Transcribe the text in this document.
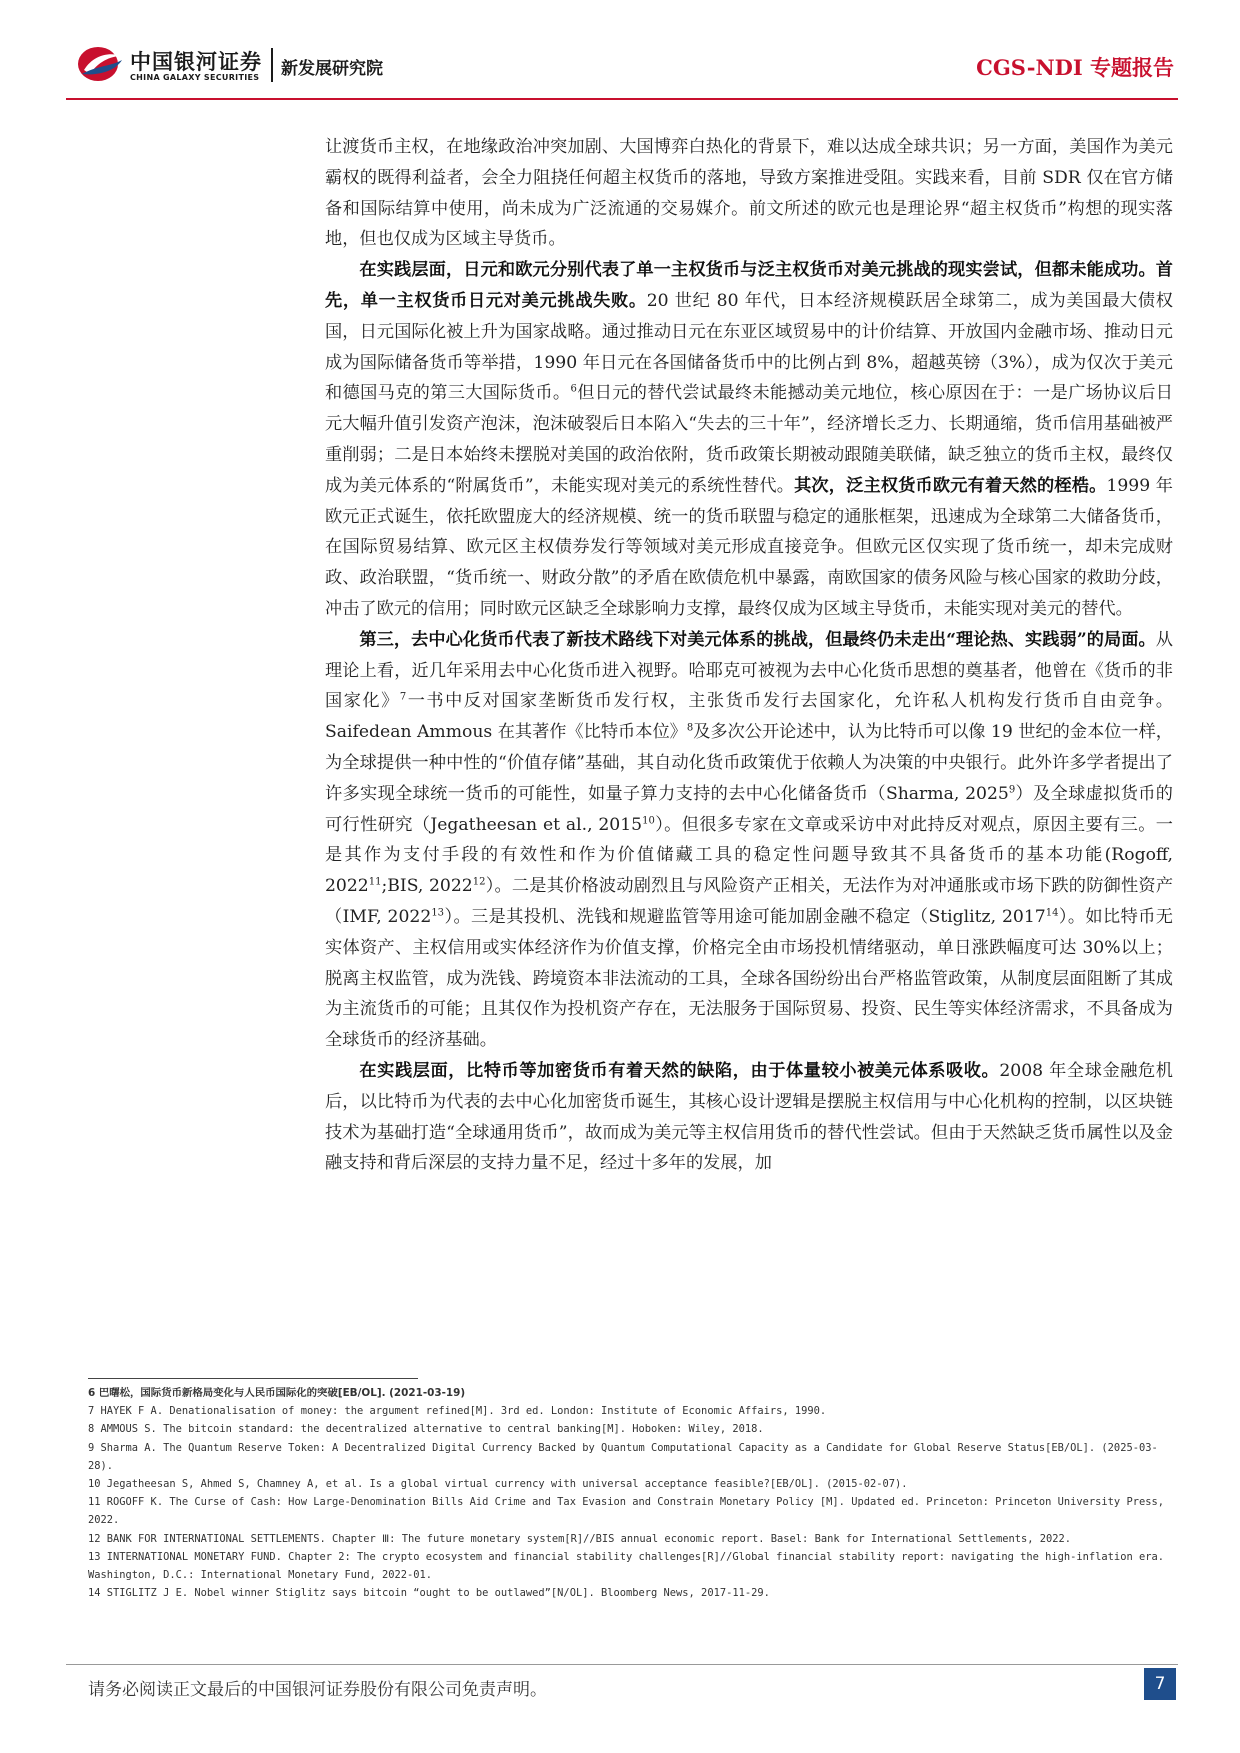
中国银河证券
CHINA GALAXY SECURITIES 新发展研究院	CGS-NDI 专题报告

让渡货币主权，在地缘政治冲突加剧、大国博弈白热化的背景下，难以达成全球共识；另一方面，美国作为美元霸权的既得利益者，会全力阻挠任何超主权货币的落地，导致方案推进受阻。实践来看，目前 SDR 仅在官方储备和国际结算中使用，尚未成为广泛流通的交易媒介。前文所述的欧元也是理论界“超主权货币”构想的现实落地，但也仅成为区域主导货币。

在实践层面，日元和欧元分别代表了单一主权货币与泛主权货币对美元挑战的现实尝试，但都未能成功。首先，单一主权货币日元对美元挑战失败。20 世纪 80 年代，日本经济规模跃居全球第二，成为美国最大债权国，日元国际化被上升为国家战略。通过推动日元在东亚区域贸易中的计价结算、开放国内金融市场、推动日元成为国际储备货币等举措，1990 年日元在各国储备货币中的比例占到 8%，超越英镑（3%），成为仅次于美元和德国马克的第三大国际货币。$^6$但日元的替代尝试最终未能撼动美元地位，核心原因在于：一是广场协议后日元大幅升值引发资产泡沫，泡沫破裂后日本陷入“失去的三十年”，经济增长乏力、长期通缩，货币信用基础被严重削弱；二是日本始终未摆脱对美国的政治依附，货币政策长期被动跟随美联储，缺乏独立的货币主权，最终仅成为美元体系的“附属货币”，未能实现对美元的系统性替代。其次，泛主权货币欧元有着天然的桎梏。1999 年欧元正式诞生，依托欧盟庞大的经济规模、统一的货币联盟与稳定的通胀框架，迅速成为全球第二大储备货币，在国际贸易结算、欧元区主权债券发行等领域对美元形成直接竞争。但欧元区仅实现了货币统一，却未完成财政、政治联盟，“货币统一、财政分散”的矛盾在欧债危机中暴露，南欧国家的债务风险与核心国家的救助分歧，冲击了欧元的信用；同时欧元区缺乏全球影响力支撑，最终仅成为区域主导货币，未能实现对美元的替代。

第三，去中心化货币代表了新技术路线下对美元体系的挑战，但最终仍未走出“理论热、实践弱”的局面。从理论上看，近几年采用去中心化货币进入视野。哈耶克可被视为去中心化货币思想的奠基者，他曾在《货币的非国家化》$^7$一书中反对国家垄断货币发行权，主张货币发行去国家化，允许私人机构发行货币自由竞争。Saifedean Ammous 在其著作《比特币本位》$^8$及多次公开论述中，认为比特币可以像 19 世纪的金本位一样，为全球提供一种中性的“价值存储”基础，其自动化货币政策优于依赖人为决策的中央银行。此外许多学者提出了许多实现全球统一货币的可能性，如量子算力支持的去中心化储备货币（Sharma, 2025$^9$）及全球虚拟货币的可行性研究（Jegatheesan et al., 2015$^{10}$）。但很多专家在文章或采访中对此持反对观点，原因主要有三。一是其作为支付手段的有效性和作为价值储藏工具的稳定性问题导致其不具备货币的基本功能(Rogoff, 2022$^{11}$;BIS, 2022$^{12}$）。二是其价格波动剧烈且与风险资产正相关，无法作为对冲通胀或市场下跌的防御性资产（IMF, 2022$^{13}$）。三是其投机、洗钱和规避监管等用途可能加剧金融不稳定（Stiglitz, 2017$^{14}$）。如比特币无实体资产、主权信用或实体经济作为价值支撑，价格完全由市场投机情绪驱动，单日涨跌幅度可达 30%以上；脱离主权监管，成为洗钱、跨境资本非法流动的工具，全球各国纷纷出台严格监管政策，从制度层面阻断了其成为主流货币的可能；且其仅作为投机资产存在，无法服务于国际贸易、投资、民生等实体经济需求，不具备成为全球货币的经济基础。

在实践层面，比特币等加密货币有着天然的缺陷，由于体量较小被美元体系吸收。2008 年全球金融危机后，以比特币为代表的去中心化加密货币诞生，其核心设计逻辑是摆脱主权信用与中心化机构的控制，以区块链技术为基础打造“全球通用货币”，故而成为美元等主权信用货币的替代性尝试。但由于天然缺乏货币属性以及金融支持和背后深层的支持力量不足，经过十多年的发展，加

6 巴曙松，国际货币新格局变化与人民币国际化的突破[EB/OL]. (2021-03-19)

7 HAYEK F A. Denationalisation of money: the argument refined[M]. 3rd ed. London: Institute of Economic Affairs, 1990.

8 AMMOUS S. The bitcoin standard: the decentralized alternative to central banking[M]. Hoboken: Wiley, 2018.

9 Sharma A. The Quantum Reserve Token: A Decentralized Digital Currency Backed by Quantum Computational Capacity as a Candidate for Global Reserve Status[EB/OL]. (2025-03-28).

10 Jegatheesan S, Ahmed S, Chamney A, et al. Is a global virtual currency with universal acceptance feasible?[EB/OL]. (2015-02-07).

11 ROGOFF K. The Curse of Cash: How Large-Denomination Bills Aid Crime and Tax Evasion and Constrain Monetary Policy [M]. Updated ed. Princeton: Princeton University Press, 2022.

12 BANK FOR INTERNATIONAL SETTLEMENTS. Chapter Ⅲ: The future monetary system[R]//BIS annual economic report. Basel: Bank for International Settlements, 2022.

13 INTERNATIONAL MONETARY FUND. Chapter 2: The crypto ecosystem and financial stability challenges[R]//Global financial stability report: navigating the high-inflation era. Washington, D.C.: International Monetary Fund, 2022-01.

14 STIGLITZ J E. Nobel winner Stiglitz says bitcoin “ought to be outlawed”[N/OL]. Bloomberg News, 2017-11-29.

请务必阅读正文最后的中国银河证券股份有限公司免责声明。	7
